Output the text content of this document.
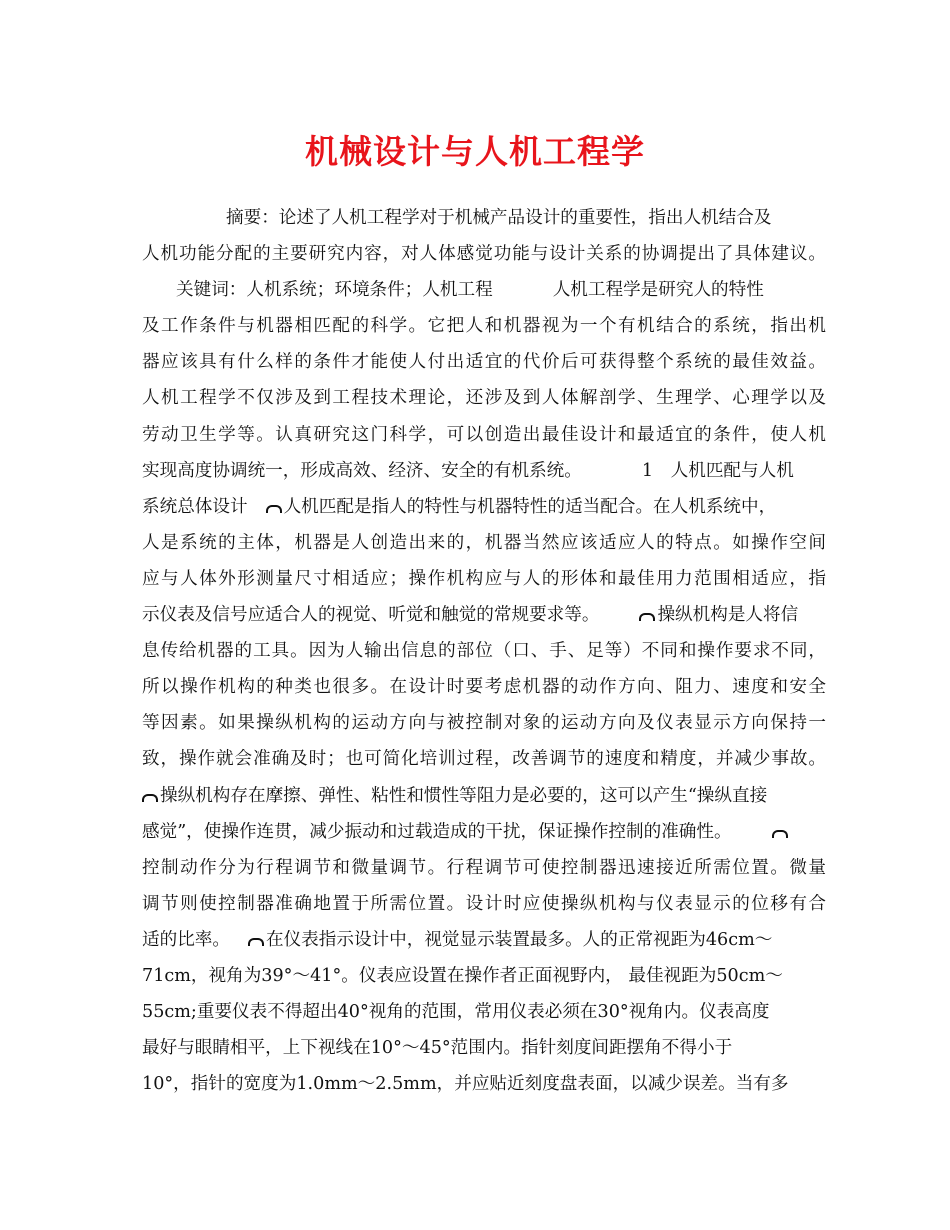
机械设计与人机工程学
摘要：论述了人机工程学对于机械产品设计的重要性，指出人机结合及
人机功能分配的主要研究内容，对人体感觉功能与设计关系的协调提出了具体建议。
关键词：人机系统；环境条件；人机工程	人机工程学是研究人的特性
及工作条件与机器相匹配的科学。它把人和机器视为一个有机结合的系统，指出机
器应该具有什么样的条件才能使人付出适宜的代价后可获得整个系统的最佳效益。
人机工程学不仅涉及到工程技术理论，还涉及到人体解剖学、生理学、心理学以及
劳动卫生学等。认真研究这门科学，可以创造出最佳设计和最适宜的条件，使人机
实现高度协调统一，形成高效、经济、安全的有机系统。	1　人机匹配与人机
系统总体设计 人机匹配是指人的特性与机器特性的适当配合。在人机系统中，
人是系统的主体，机器是人创造出来的，机器当然应该适应人的特点。如操作空间
应与人体外形测量尺寸相适应；操作机构应与人的形体和最佳用力范围相适应，指
示仪表及信号应适合人的视觉、听觉和触觉的常规要求等。	操纵机构是人将信
息传给机器的工具。因为人输出信息的部位（口、手、足等）不同和操作要求不同，
所以操作机构的种类也很多。在设计时要考虑机器的动作方向、阻力、速度和安全
等因素。如果操纵机构的运动方向与被控制对象的运动方向及仪表显示方向保持一
致，操作就会准确及时；也可简化培训过程，改善调节的速度和精度，并减少事故。
操纵机构存在摩擦、弹性、粘性和惯性等阻力是必要的，这可以产生“操纵直接
感觉”，使操作连贯，减少振动和过载造成的干扰，保证操作控制的准确性。
控制动作分为行程调节和微量调节。行程调节可使控制器迅速接近所需位置。微量
调节则使控制器准确地置于所需位置。设计时应使操纵机构与仪表显示的位移有合
适的比率。 在仪表指示设计中，视觉显示装置最多。人的正常视距为46cm～
71cm，视角为39°～41°。仪表应设置在操作者正面视野内， 最佳视距为50cm～
55cm;重要仪表不得超出40°视角的范围，常用仪表必须在30°视角内。仪表高度
最好与眼睛相平，上下视线在10°～45°范围内。指针刻度间距摆角不得小于
10°，指针的宽度为1.0mm～2.5mm，并应贴近刻度盘表面，以减少误差。当有多
